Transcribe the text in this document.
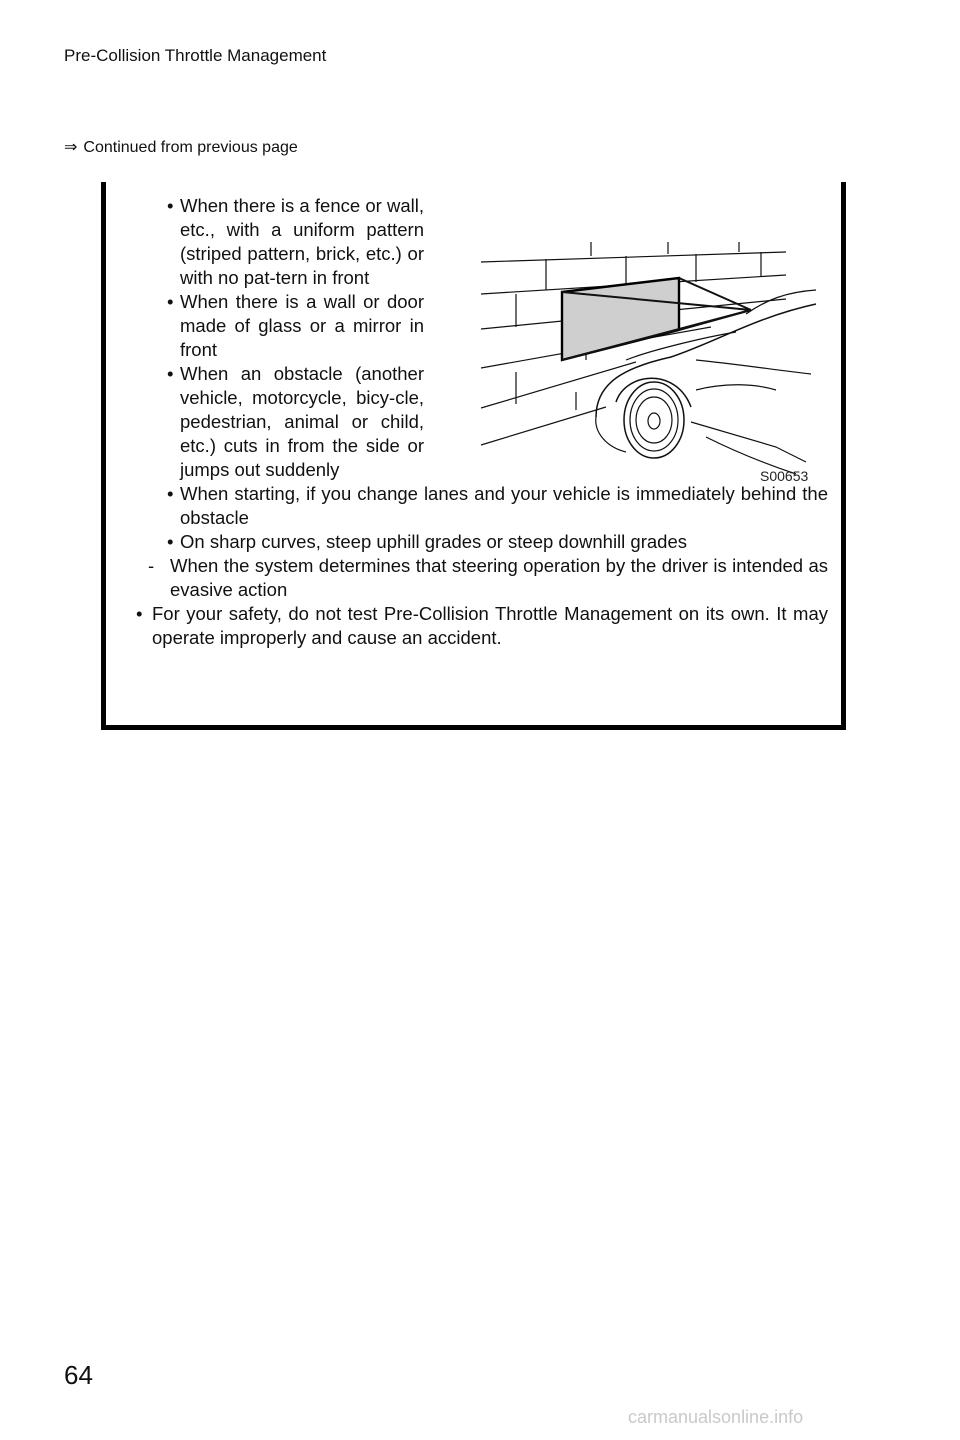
Pre-Collision Throttle Management
⇒ Continued from previous page
• When there is a fence or wall, etc., with a uniform pattern (striped pattern, brick, etc.) or with no pat-tern in front
• When there is a wall or door made of glass or a mirror in front
• When an obstacle (another vehicle, motorcycle, bicy-cle, pedestrian, animal or child, etc.) cuts in from the side or jumps out suddenly
• When starting, if you change lanes and your vehicle is immediately behind the obstacle
• On sharp curves, steep uphill grades or steep downhill grades
- When the system determines that steering operation by the driver is intended as evasive action
• For your safety, do not test Pre-Collision Throttle Management on its own. It may operate improperly and cause an accident.
S00653
64
carmanualsonline.info
